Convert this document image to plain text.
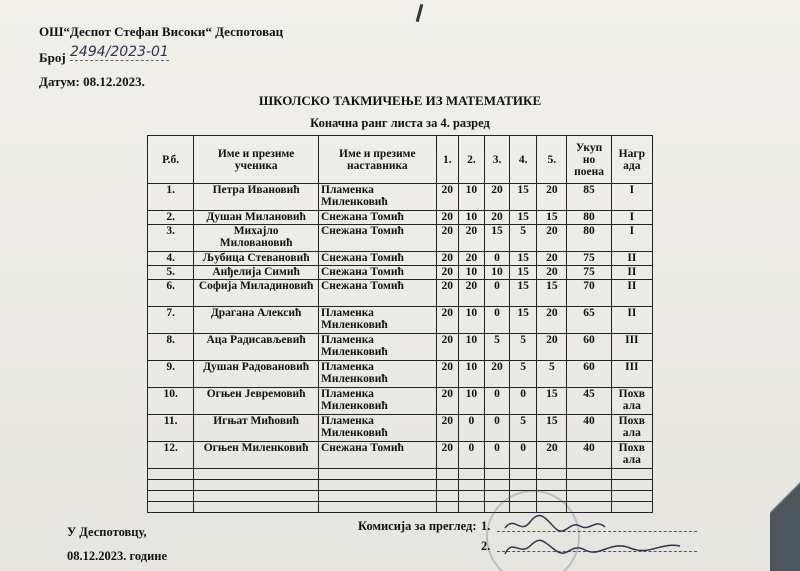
ОШ“Деспот Стефан Високи“ Деспотовац
Број 2494/2023-01
Датум: 08.12.2023.
ШКОЛСКО ТАКМИЧЕЊЕ ИЗ МАТЕМАТИКЕ
Коначна ранг листа за 4. разред
Р.б.	Име и презиме ученика	Име и презиме наставника	1.	2.	3.	4.	5.	Укуп но поена	Нагр ада
1.	Петра Ивановић	Пламенка Миленковић	20	10	20	15	20	85	I
2.	Душан Милановић	Снежана Томић	20	10	20	15	15	80	I
3.	Михајло Миловановић	Снежана Томић	20	20	15	5	20	80	I
4.	Љубица Стевановић	Снежана Томић	20	20	0	15	20	75	II
5.	Анђелија Симић	Снежана Томић	20	10	10	15	20	75	II
6.	Софија Миладиновић	Снежана Томић	20	20	0	15	15	70	II
7.	Драгана Алексић	Пламенка Миленковић	20	10	0	15	20	65	II
8.	Аца Радисављевић	Пламенка Миленковић	20	10	5	5	20	60	III
9.	Душан Радовановић	Пламенка Миленковић	20	10	20	5	5	60	III
10.	Огњен Јевремовић	Пламенка Миленковић	20	10	0	0	15	45	Похв ала
11.	Игњат Мићовић	Пламенка Миленковић	20	0	0	5	15	40	Похв ала
12.	Огњен Миленковић	Снежана Томић	20	0	0	0	20	40	Похв ала

У Деспотовцу,
08.12.2023. године
Комисија за преглед: 1.
2.
